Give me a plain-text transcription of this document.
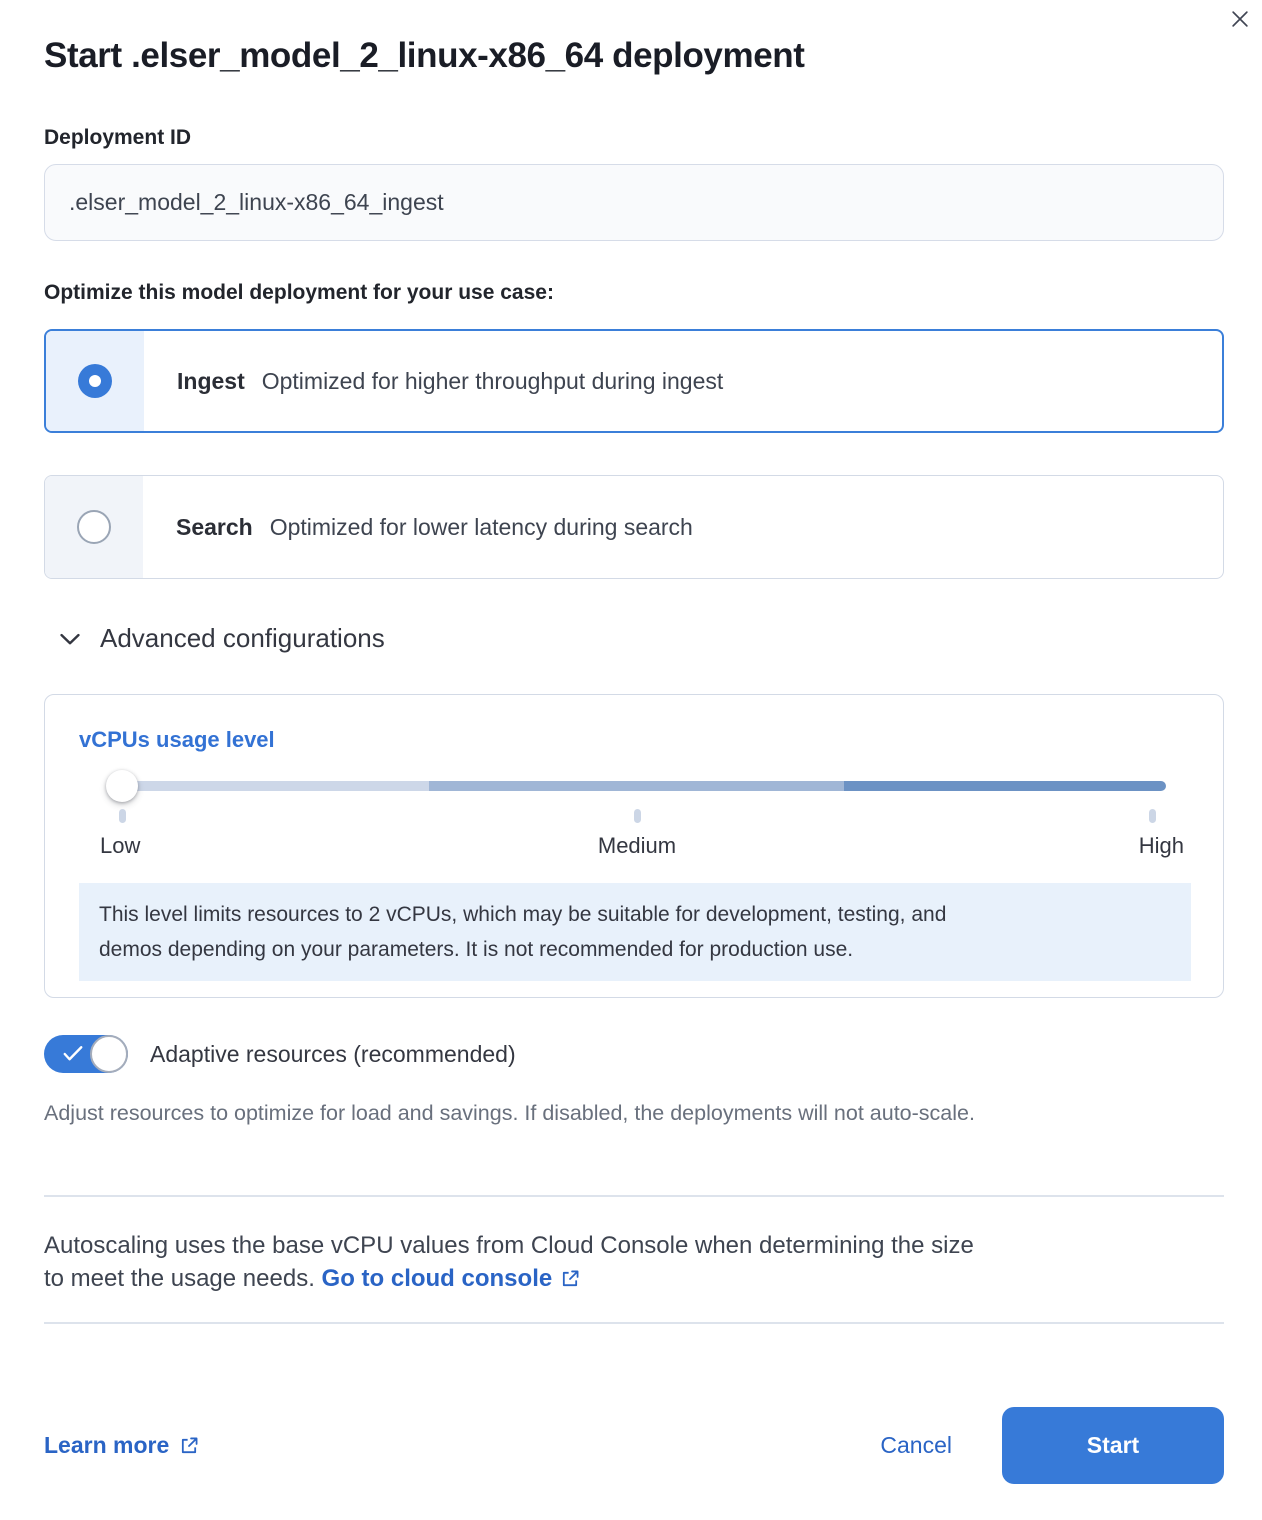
Start .elser_model_2_linux-x86_64 deployment
Deployment ID
.elser_model_2_linux-x86_64_ingest
Optimize this model deployment for your use case:
Ingest Optimized for higher throughput during ingest
Search Optimized for lower latency during search
Advanced configurations
vCPUs usage level
Low	Medium	High
This level limits resources to 2 vCPUs, which may be suitable for development, testing, and
demos depending on your parameters. It is not recommended for production use.
Adaptive resources (recommended)
Adjust resources to optimize for load and savings. If disabled, the deployments will not auto-scale.

Autoscaling uses the base vCPU values from Cloud Console when determining the size
to meet the usage needs. Go to cloud console

Learn more	Cancel	Start
